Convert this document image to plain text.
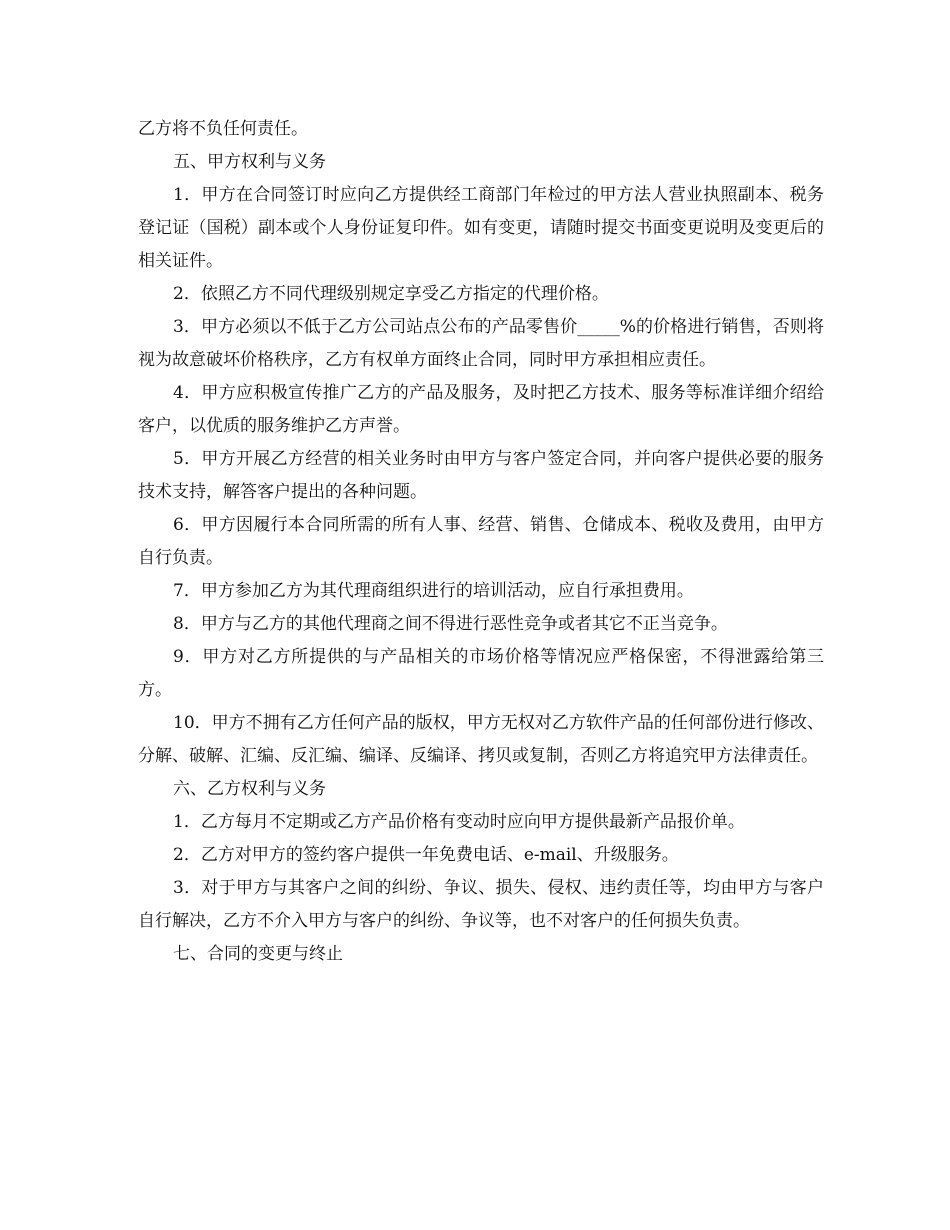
乙方将不负任何责任。

五、甲方权利与义务

1．甲方在合同签订时应向乙方提供经工商部门年检过的甲方法人营业执照副本、税务登记证（国税）副本或个人身份证复印件。如有变更，请随时提交书面变更说明及变更后的相关证件。

2．依照乙方不同代理级别规定享受乙方指定的代理价格。

3．甲方必须以不低于乙方公司站点公布的产品零售价_____%的价格进行销售，否则将视为故意破坏价格秩序，乙方有权单方面终止合同，同时甲方承担相应责任。

4．甲方应积极宣传推广乙方的产品及服务，及时把乙方技术、服务等标准详细介绍给客户，以优质的服务维护乙方声誉。

5．甲方开展乙方经营的相关业务时由甲方与客户签定合同，并向客户提供必要的服务技术支持，解答客户提出的各种问题。

6．甲方因履行本合同所需的所有人事、经营、销售、仓储成本、税收及费用，由甲方自行负责。

7．甲方参加乙方为其代理商组织进行的培训活动，应自行承担费用。

8．甲方与乙方的其他代理商之间不得进行恶性竞争或者其它不正当竞争。

9．甲方对乙方所提供的与产品相关的市场价格等情况应严格保密，不得泄露给第三方。

10．甲方不拥有乙方任何产品的版权，甲方无权对乙方软件产品的任何部份进行修改、分解、破解、汇编、反汇编、编译、反编译、拷贝或复制，否则乙方将追究甲方法律责任。

六、乙方权利与义务

1．乙方每月不定期或乙方产品价格有变动时应向甲方提供最新产品报价单。

2．乙方对甲方的签约客户提供一年免费电话、e-mail、升级服务。

3．对于甲方与其客户之间的纠纷、争议、损失、侵权、违约责任等，均由甲方与客户自行解决，乙方不介入甲方与客户的纠纷、争议等，也不对客户的任何损失负责。

七、合同的变更与终止
